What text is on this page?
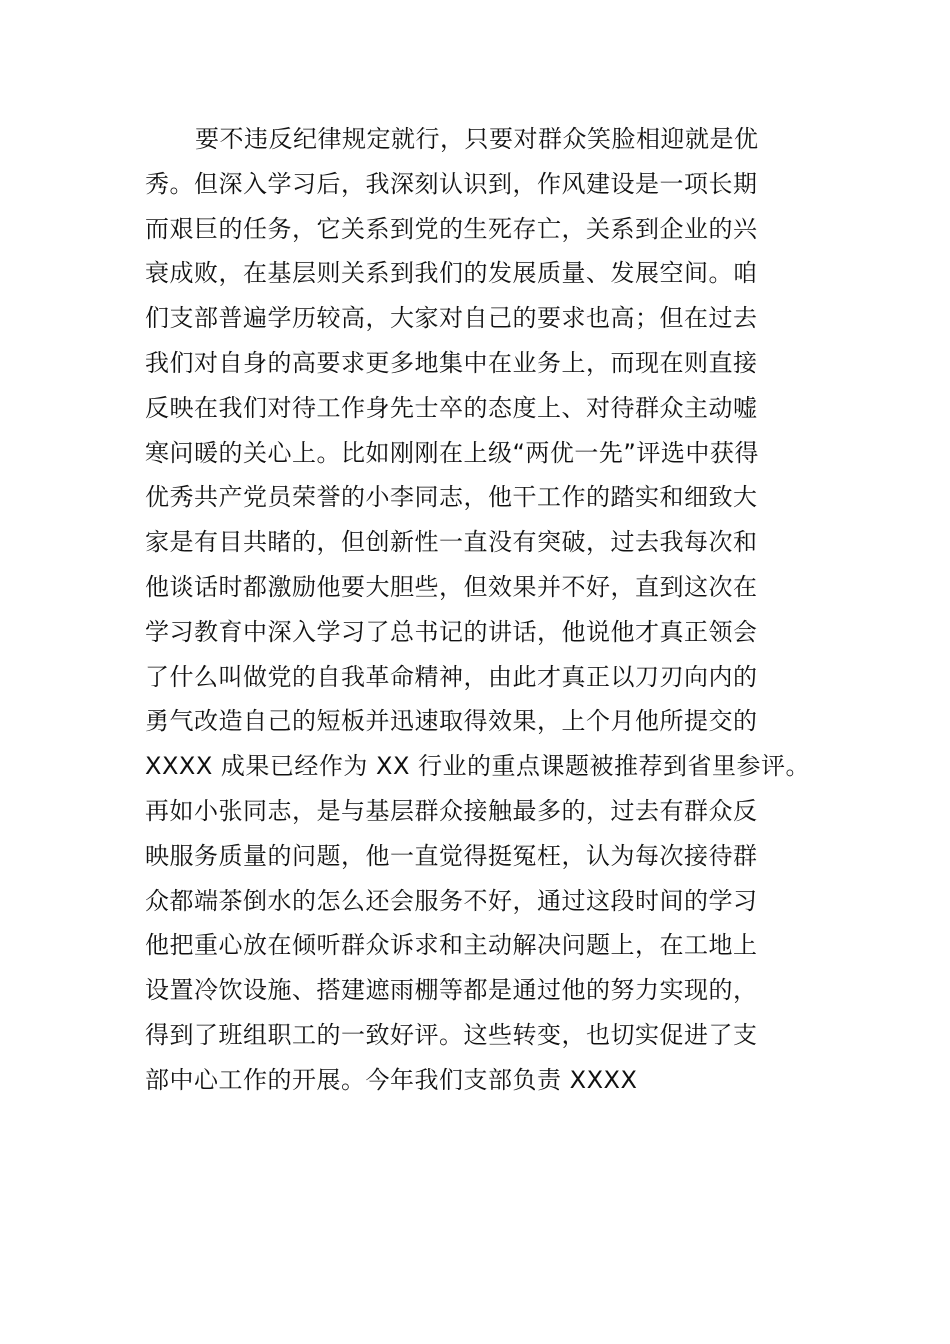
要不违反纪律规定就行，只要对群众笑脸相迎就是优
秀。但深入学习后，我深刻认识到，作风建设是一项长期
而艰巨的任务，它关系到党的生死存亡，关系到企业的兴
衰成败，在基层则关系到我们的发展质量、发展空间。咱
们支部普遍学历较高，大家对自己的要求也高；但在过去
我们对自身的高要求更多地集中在业务上，而现在则直接
反映在我们对待工作身先士卒的态度上、对待群众主动嘘
寒问暖的关心上。比如刚刚在上级“两优一先”评选中获得
优秀共产党员荣誉的小李同志，他干工作的踏实和细致大
家是有目共睹的，但创新性一直没有突破，过去我每次和
他谈话时都激励他要大胆些，但效果并不好，直到这次在
学习教育中深入学习了总书记的讲话，他说他才真正领会
了什么叫做党的自我革命精神，由此才真正以刀刃向内的
勇气改造自己的短板并迅速取得效果，上个月他所提交的
XXXX 成果已经作为 XX 行业的重点课题被推荐到省里参评。
再如小张同志，是与基层群众接触最多的，过去有群众反
映服务质量的问题，他一直觉得挺冤枉，认为每次接待群
众都端茶倒水的怎么还会服务不好，通过这段时间的学习
他把重心放在倾听群众诉求和主动解决问题上，在工地上
设置冷饮设施、搭建遮雨棚等都是通过他的努力实现的，
得到了班组职工的一致好评。这些转变，也切实促进了支
部中心工作的开展。今年我们支部负责 XXXX
